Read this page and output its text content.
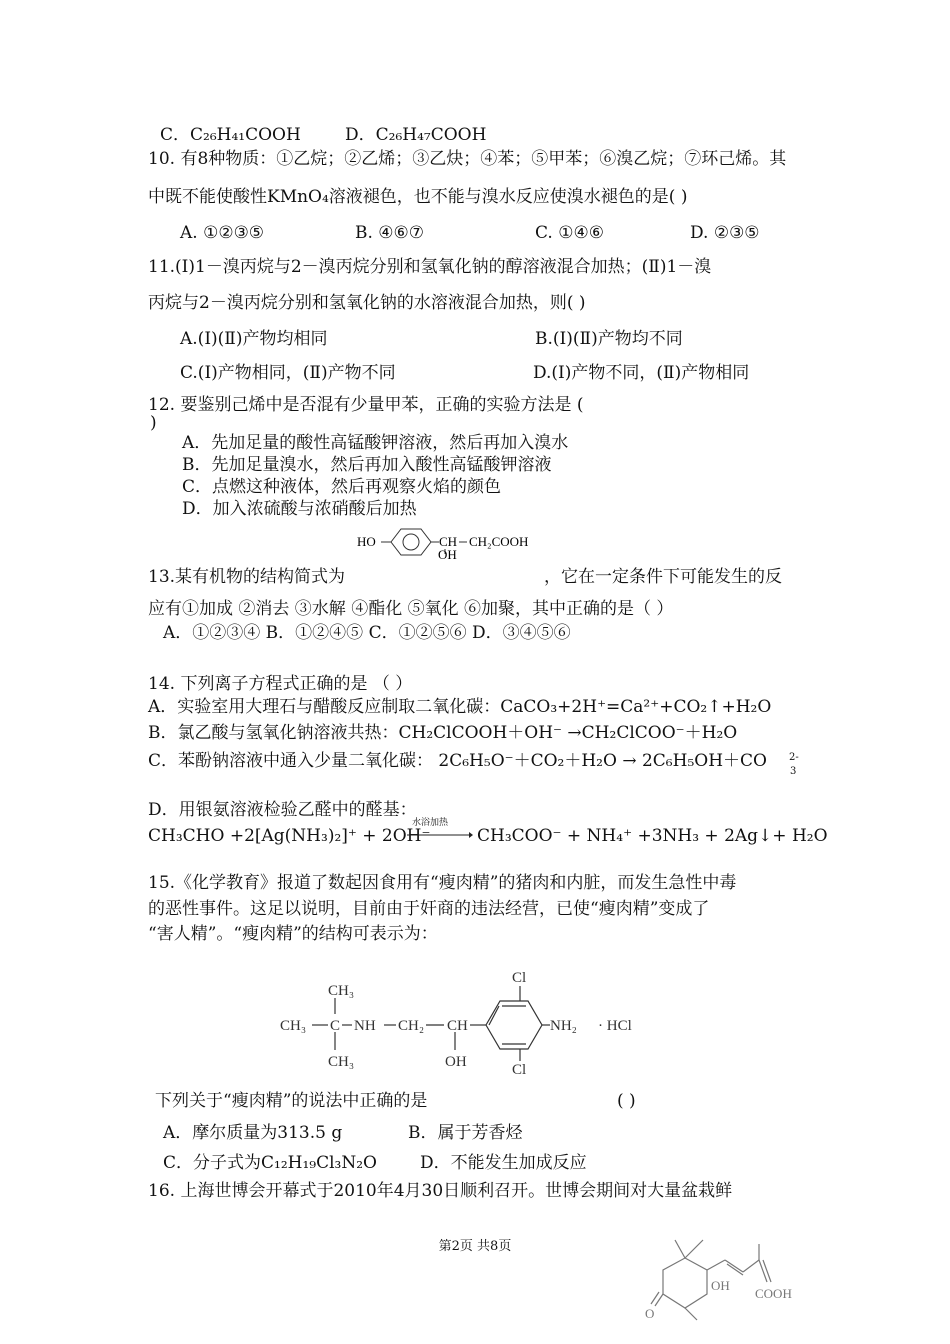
C．C₂₆H₄₁COOH	D．C₂₆H₄₇COOH
10. 有8种物质：①乙烷；②乙烯；③乙炔；④苯；⑤甲苯；⑥溴乙烷；⑦环己烯。其
中既不能使酸性KMnO₄溶液褪色，也不能与溴水反应使溴水褪色的是( )
A. ①②③⑤	B. ④⑥⑦	C. ①④⑥	D. ②③⑤
11.(Ⅰ)1－溴丙烷与2－溴丙烷分别和氢氧化钠的醇溶液混合加热；(Ⅱ)1－溴
丙烷与2－溴丙烷分别和氢氧化钠的水溶液混合加热，则( )
A.(Ⅰ)(Ⅱ)产物均相同	B.(Ⅰ)(Ⅱ)产物均不同
C.(Ⅰ)产物相同，(Ⅱ)产物不同	D.(Ⅰ)产物不同，(Ⅱ)产物相同
12. 要鉴别己烯中是否混有少量甲苯，正确的实验方法是 (
)
A．先加足量的酸性高锰酸钾溶液，然后再加入溴水
B．先加足量溴水，然后再加入酸性高锰酸钾溶液
C．点燃这种液体，然后再观察火焰的颜色
D．加入浓硫酸与浓硝酸后加热
HO	CH
OH
CH₂COOH
13.某有机物的结构简式为	，它在一定条件下可能发生的反
应有①加成 ②消去 ③水解 ④酯化 ⑤氧化 ⑥加聚，其中正确的是（ ）
A．①②③④ B．①②④⑤ C．①②⑤⑥ D．③④⑤⑥
14. 下列离子方程式正确的是 （ ）
A．实验室用大理石与醋酸反应制取二氧化碳：CaCO₃+2H⁺=Ca²⁺+CO₂↑+H₂O
B．氯乙酸与氢氧化钠溶液共热：CH₂ClCOOH＋OH⁻ →CH₂ClCOO⁻＋H₂O
C．苯酚钠溶液中通入少量二氧化碳： 2C₆H₅O⁻＋CO₂＋H₂O → 2C₆H₅OH＋CO 2-
3
D．用银氨溶液检验乙醛中的醛基：
CH₃CHO +2[Ag(NH₃)₂]⁺ + 2OH⁻
水浴加热
CH₃COO⁻ + NH₄⁺ +3NH₃ + 2Ag↓+ H₂O
15.《化学教育》报道了数起因食用有“瘦肉精”的猪肉和内脏，而发生急性中毒
的恶性事件。这足以说明，目前由于奸商的违法经营，已使“瘦肉精”变成了
“害人精”。“瘦肉精”的结构可表示为：
CH₃
CH₃ C NH CH₂ CH
CH₃	OH
Cl
Cl
NH₂ · HCl
下列关于“瘦肉精”的说法中正确的是	( )
A．摩尔质量为313.5 g	B．属于芳香烃
C．分子式为C₁₂H₁₉Cl₃N₂O	D．不能发生加成反应
16. 上海世博会开幕式于2010年4月30日顺利召开。世博会期间对大量盆栽鲜
第2页 共8页
OH
COOH
O
